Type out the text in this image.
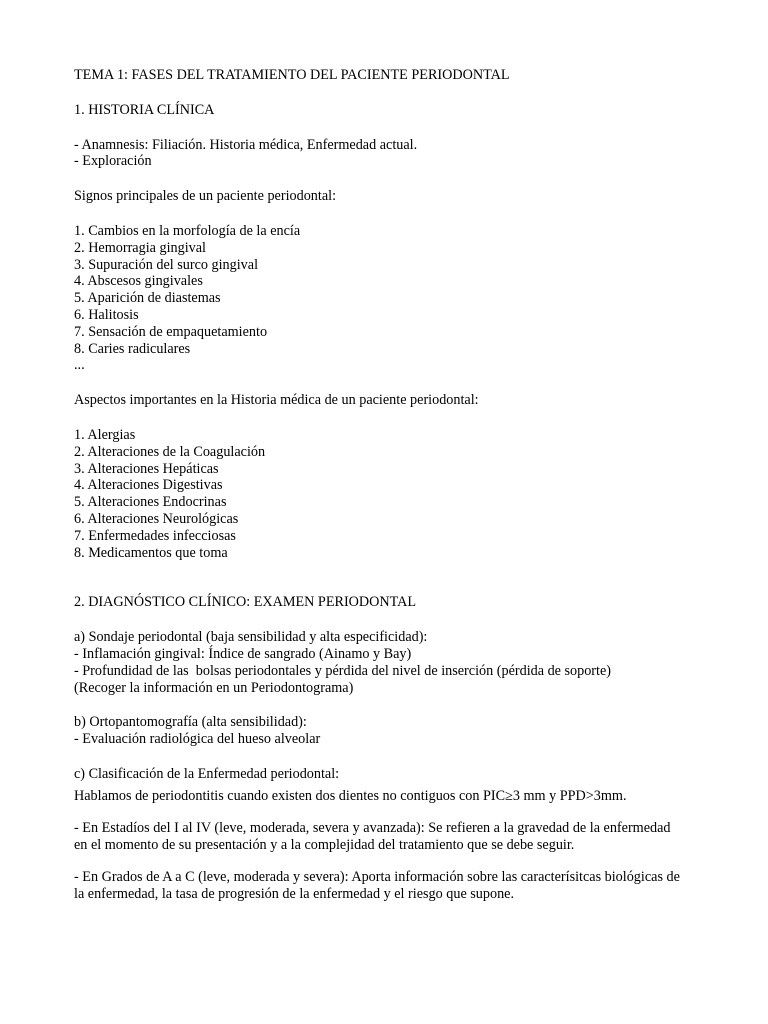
TEMA 1: FASES DEL TRATAMIENTO DEL PACIENTE PERIODONTAL
1. HISTORIA CLÍNICA
- Anamnesis: Filiación. Historia médica, Enfermedad actual.
- Exploración
Signos principales de un paciente periodontal:
1. Cambios en la morfología de la encía
2. Hemorragia gingival
3. Supuración del surco gingival
4. Abscesos gingivales
5. Aparición de diastemas
6. Halitosis
7. Sensación de empaquetamiento
8. Caries radiculares
...
Aspectos importantes en la Historia médica de un paciente periodontal:
1. Alergias
2. Alteraciones de la Coagulación
3. Alteraciones Hepáticas
4. Alteraciones Digestivas
5. Alteraciones Endocrinas
6. Alteraciones Neurológicas
7. Enfermedades infecciosas
8. Medicamentos que toma
2. DIAGNÓSTICO CLÍNICO: EXAMEN PERIODONTAL
a) Sondaje periodontal (baja sensibilidad y alta especificidad):
- Inflamación gingival: Índice de sangrado (Ainamo y Bay)
- Profundidad de las  bolsas periodontales y pérdida del nivel de inserción (pérdida de soporte)
(Recoger la información en un Periodontograma)
b) Ortopantomografía (alta sensibilidad):
- Evaluación radiológica del hueso alveolar
c) Clasificación de la Enfermedad periodontal:
Hablamos de periodontitis cuando existen dos dientes no contiguos con PIC≥3 mm y PPD>3mm.
- En Estadíos del I al IV (leve, moderada, severa y avanzada): Se refieren a la gravedad de la enfermedad en el momento de su presentación y a la complejidad del tratamiento que se debe seguir.
- En Grados de A a C (leve, moderada y severa): Aporta información sobre las caracterísitcas biológicas de la enfermedad, la tasa de progresión de la enfermedad y el riesgo que supone.
